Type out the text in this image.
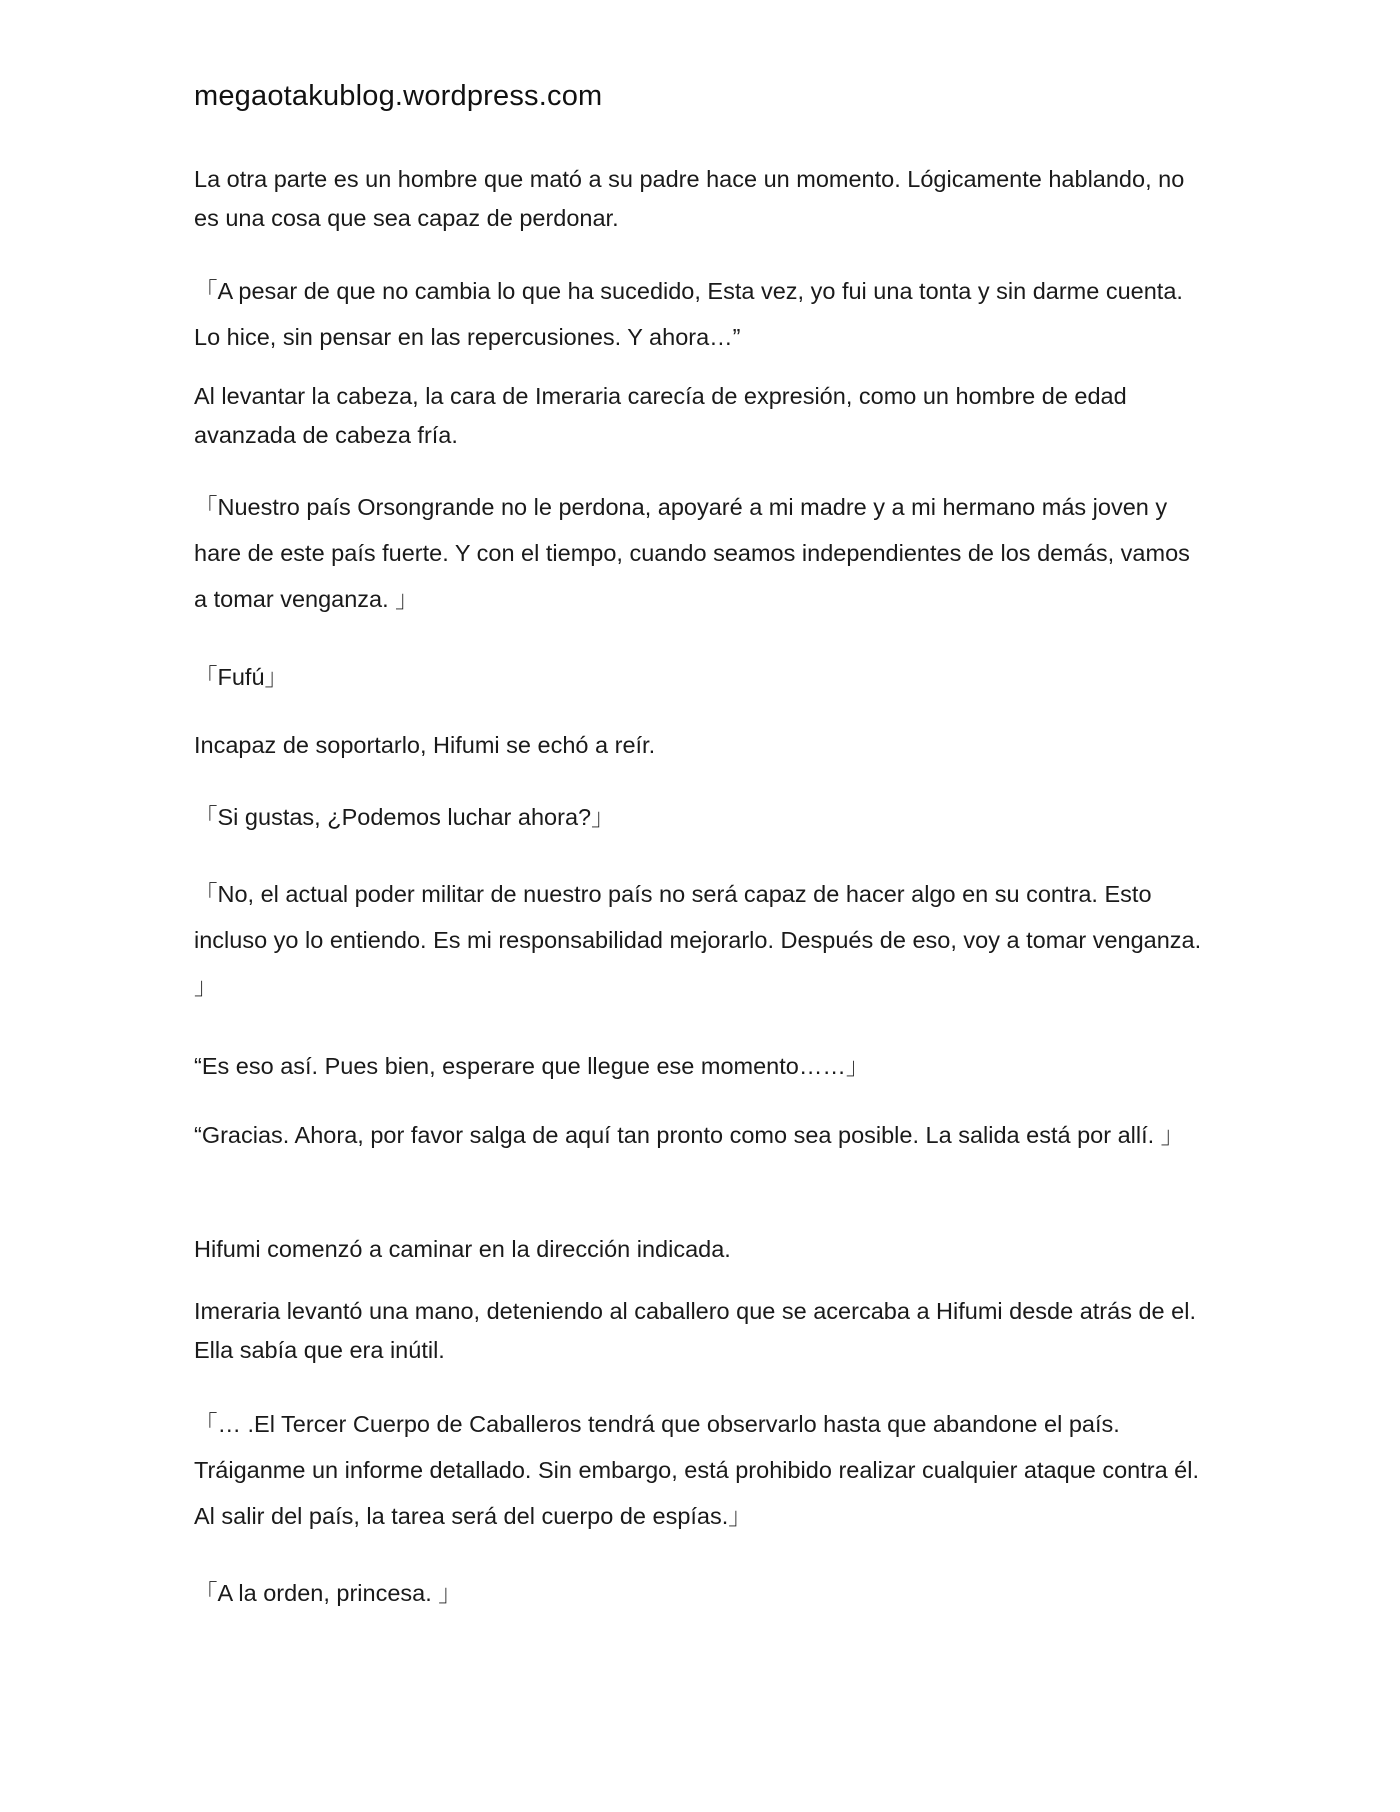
megaotakublog.wordpress.com
La otra parte es un hombre que mató a su padre hace un momento. Lógicamente hablando, no es una cosa que sea capaz de perdonar.
「A pesar de que no cambia lo que ha sucedido, Esta vez, yo fui una tonta y sin darme cuenta. Lo hice, sin pensar en las repercusiones. Y ahora…”
Al levantar la cabeza, la cara de Imeraria carecía de expresión, como un hombre de edad avanzada de cabeza fría.
「Nuestro país Orsongrande no le perdona, apoyaré a mi madre y a mi hermano más joven y hare de este país fuerte. Y con el tiempo, cuando seamos independientes de los demás, vamos a tomar venganza. 」
「Fufú」
Incapaz de soportarlo, Hifumi se echó a reír.
「Si gustas, ¿Podemos luchar ahora?」
「No, el actual poder militar de nuestro país no será capaz de hacer algo en su contra. Esto incluso yo lo entiendo. Es mi responsabilidad mejorarlo. Después de eso, voy a tomar venganza. 」
“Es eso así. Pues bien, esperare que llegue ese momento……」
“Gracias. Ahora, por favor salga de aquí tan pronto como sea posible. La salida está por allí. 」
Hifumi comenzó a caminar en la dirección indicada.
Imeraria levantó una mano, deteniendo al caballero que se acercaba a Hifumi desde atrás de el. Ella sabía que era inútil.
「… .El Tercer Cuerpo de Caballeros tendrá que observarlo hasta que abandone el país. Tráiganme un informe detallado. Sin embargo, está prohibido realizar cualquier ataque contra él. Al salir del país, la tarea será del cuerpo de espías.」
「A la orden, princesa. 」
